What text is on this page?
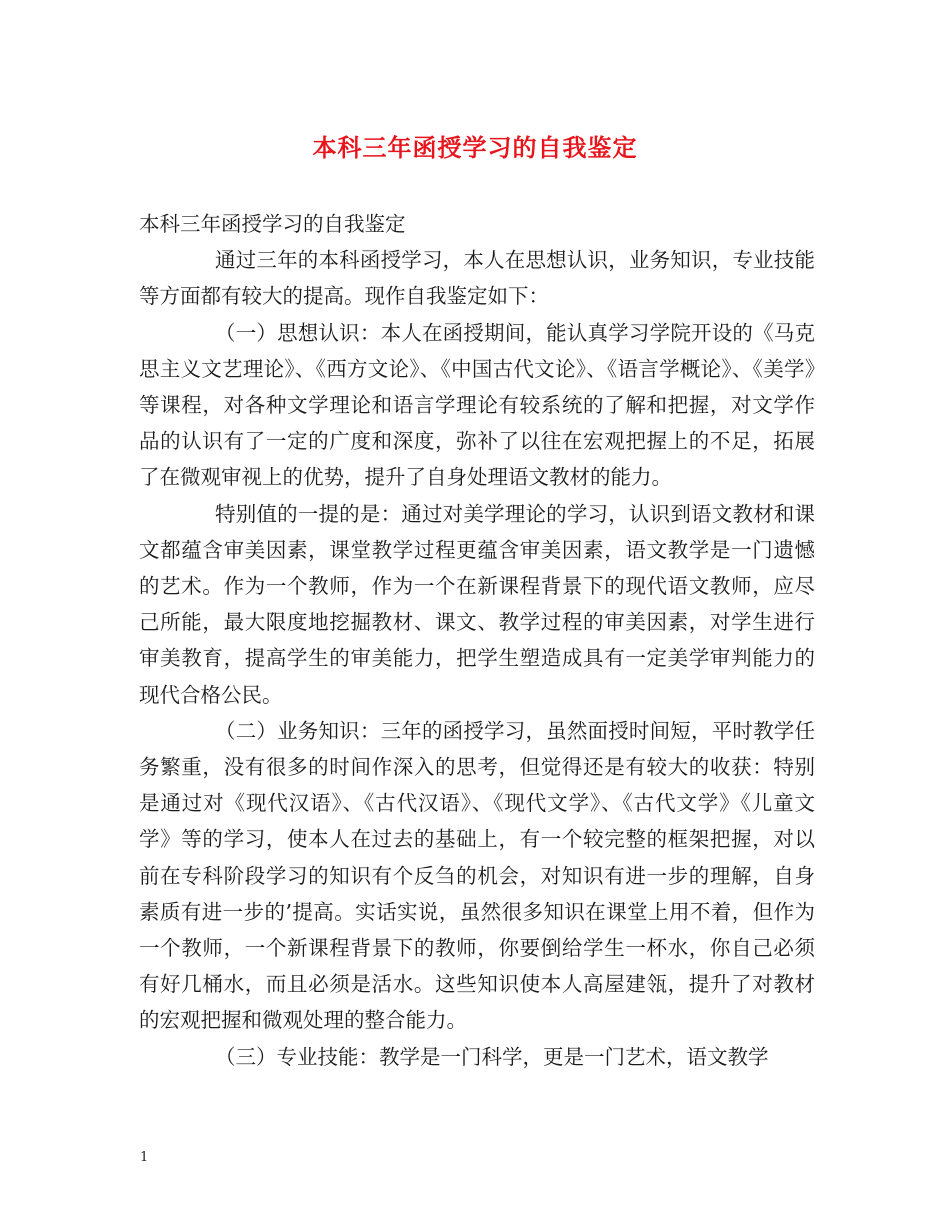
本科三年函授学习的自我鉴定

本科三年函授学习的自我鉴定

通过三年的本科函授学习，本人在思想认识，业务知识，专业技能等方面都有较大的提高。现作自我鉴定如下：

（一）思想认识：本人在函授期间，能认真学习学院开设的《马克思主义文艺理论》、《西方文论》、《中国古代文论》、《语言学概论》、《美学》等课程，对各种文学理论和语言学理论有较系统的了解和把握，对文学作品的认识有了一定的广度和深度，弥补了以往在宏观把握上的不足，拓展了在微观审视上的优势，提升了自身处理语文教材的能力。

特别值的一提的是：通过对美学理论的学习，认识到语文教材和课文都蕴含审美因素，课堂教学过程更蕴含审美因素，语文教学是一门遗憾的艺术。作为一个教师，作为一个在新课程背景下的现代语文教师，应尽己所能，最大限度地挖掘教材、课文、教学过程的审美因素，对学生进行审美教育，提高学生的审美能力，把学生塑造成具有一定美学审判能力的现代合格公民。

（二）业务知识：三年的函授学习，虽然面授时间短，平时教学任务繁重，没有很多的时间作深入的思考，但觉得还是有较大的收获：特别是通过对《现代汉语》、《古代汉语》、《现代文学》、《古代文学》《儿童文学》等的学习，使本人在过去的基础上，有一个较完整的框架把握，对以前在专科阶段学习的知识有个反刍的机会，对知识有进一步的理解，自身素质有进一步的’提高。实话实说，虽然很多知识在课堂上用不着，但作为一个教师，一个新课程背景下的教师，你要倒给学生一杯水，你自己必须有好几桶水，而且必须是活水。这些知识使本人高屋建瓴，提升了对教材的宏观把握和微观处理的整合能力。

（三）专业技能：教学是一门科学，更是一门艺术，语文教学

1
